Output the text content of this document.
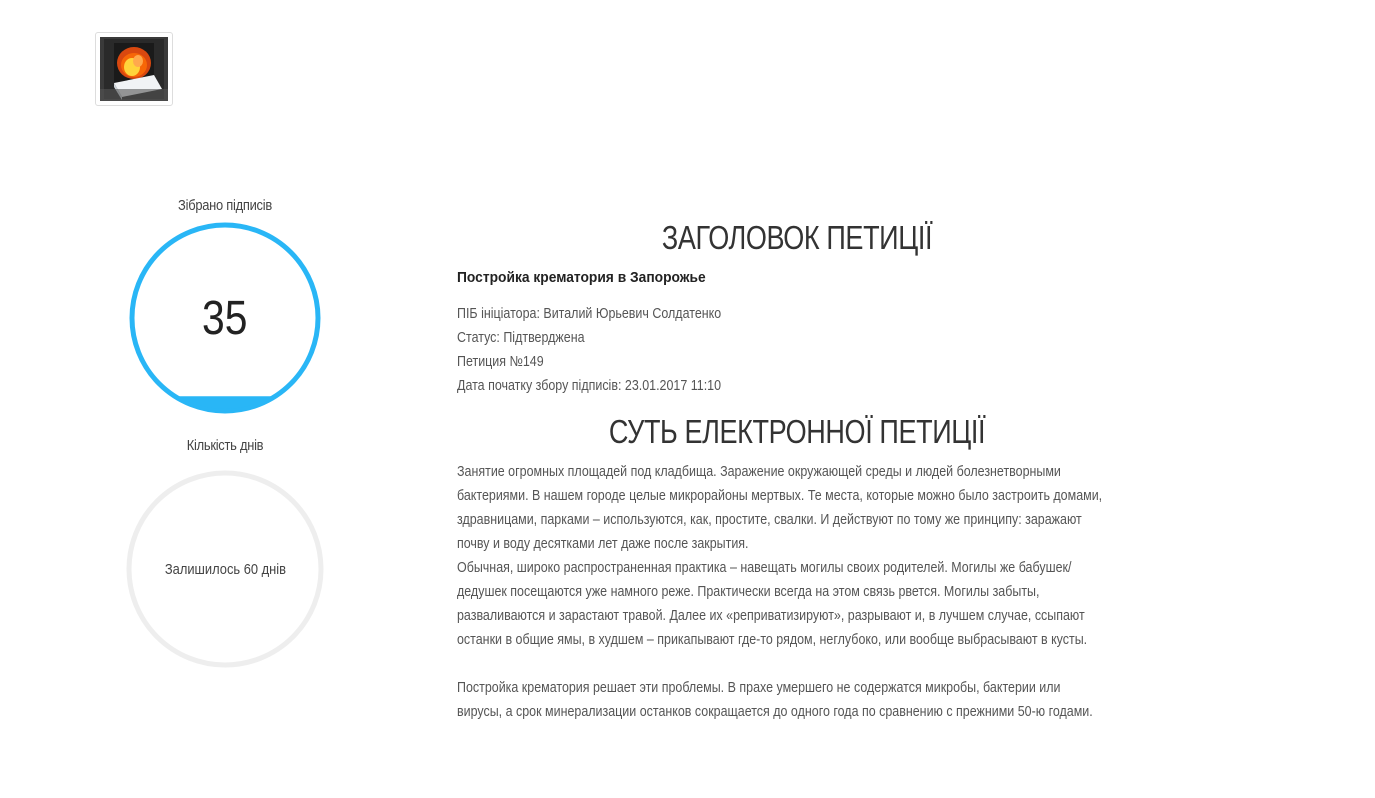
Зібрано підписів
35
Кількість днів
Залишилось 60 днів
ЗАГОЛОВОК ПЕТИЦІЇ
Постройка крематория в Запорожье
ПІБ ініціатора: Виталий Юрьевич Солдатенко
Статус: Підтверджена
Петиция №149
Дата початку збору підписів: 23.01.2017 11:10
СУТЬ ЕЛЕКТРОННОЇ ПЕТИЦІЇ

Занятие огромных площадей под кладбища. Заражение окружающей среды и людей болезнетворными

бактериями. В нашем городе целые микрорайоны мертвых. Те места, которые можно было застроить домами,

здравницами, парками – используются, как, простите, свалки. И действуют по тому же принципу: заражают

почву и воду десятками лет даже после закрытия.

Обычная, широко распространенная практика – навещать могилы своих родителей. Могилы же бабушек/

дедушек посещаются уже намного реже. Практически всегда на этом связь рвется. Могилы забыты,

разваливаются и зарастают травой. Далее их «реприватизируют», разрывают и, в лучшем случае, ссыпают

останки в общие ямы, в худшем – прикапывают где-то рядом, неглубоко, или вообще выбрасывают в кусты.

Постройка крематория решает эти проблемы. В прахе умершего не содержатся микробы, бактерии или

вирусы, а срок минерализации останков сокращается до одного года по сравнению с прежними 50-ю годами.
